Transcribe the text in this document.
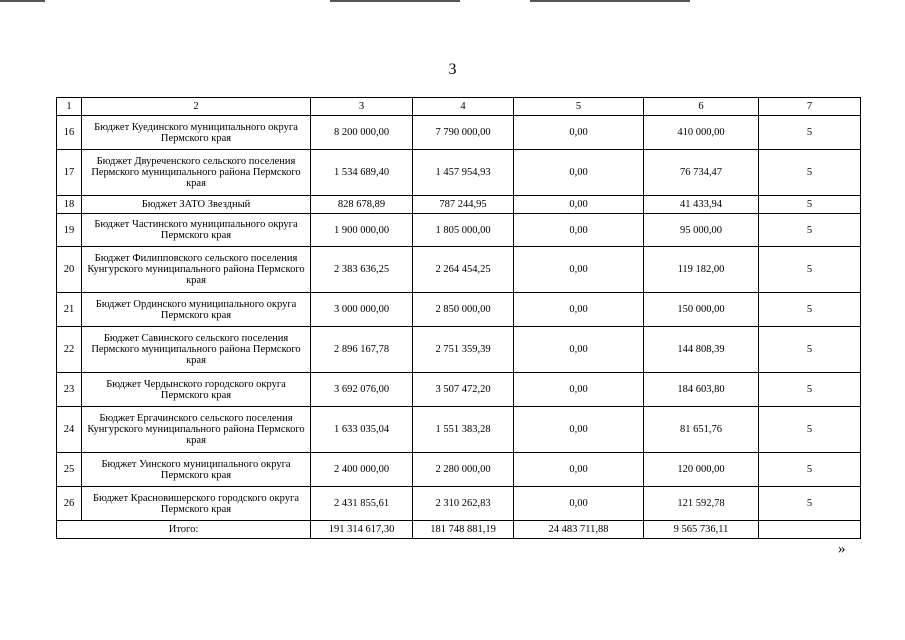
3
1	2	3	4	5	6	7
16	Бюджет Куединского муниципального округа Пермского края	8 200 000,00	7 790 000,00	0,00	410 000,00	5
17	Бюджет Двуреченского сельского поселения Пермского муниципального района Пермского края	1 534 689,40	1 457 954,93	0,00	76 734,47	5
18	Бюджет ЗАТО Звездный	828 678,89	787 244,95	0,00	41 433,94	5
19	Бюджет Частинского муниципального округа Пермского края	1 900 000,00	1 805 000,00	0,00	95 000,00	5
20	Бюджет Филипповского сельского поселения Кунгурского муниципального района Пермского края	2 383 636,25	2 264 454,25	0,00	119 182,00	5
21	Бюджет Ординского муниципального округа Пермского края	3 000 000,00	2 850 000,00	0,00	150 000,00	5
22	Бюджет Савинского сельского поселения Пермского муниципального района Пермского края	2 896 167,78	2 751 359,39	0,00	144 808,39	5
23	Бюджет Чердынского городского округа Пермского края	3 692 076,00	3 507 472,20	0,00	184 603,80	5
24	Бюджет Ергачинского сельского поселения Кунгурского муниципального района Пермского края	1 633 035,04	1 551 383,28	0,00	81 651,76	5
25	Бюджет Уинского муниципального округа Пермского края	2 400 000,00	2 280 000,00	0,00	120 000,00	5
26	Бюджет Красновишерского городского округа Пермского края	2 431 855,61	2 310 262,83	0,00	121 592,78	5
Итого:		191 314 617,30	181 748 881,19	24 483 711,88	9 565 736,11	
»
